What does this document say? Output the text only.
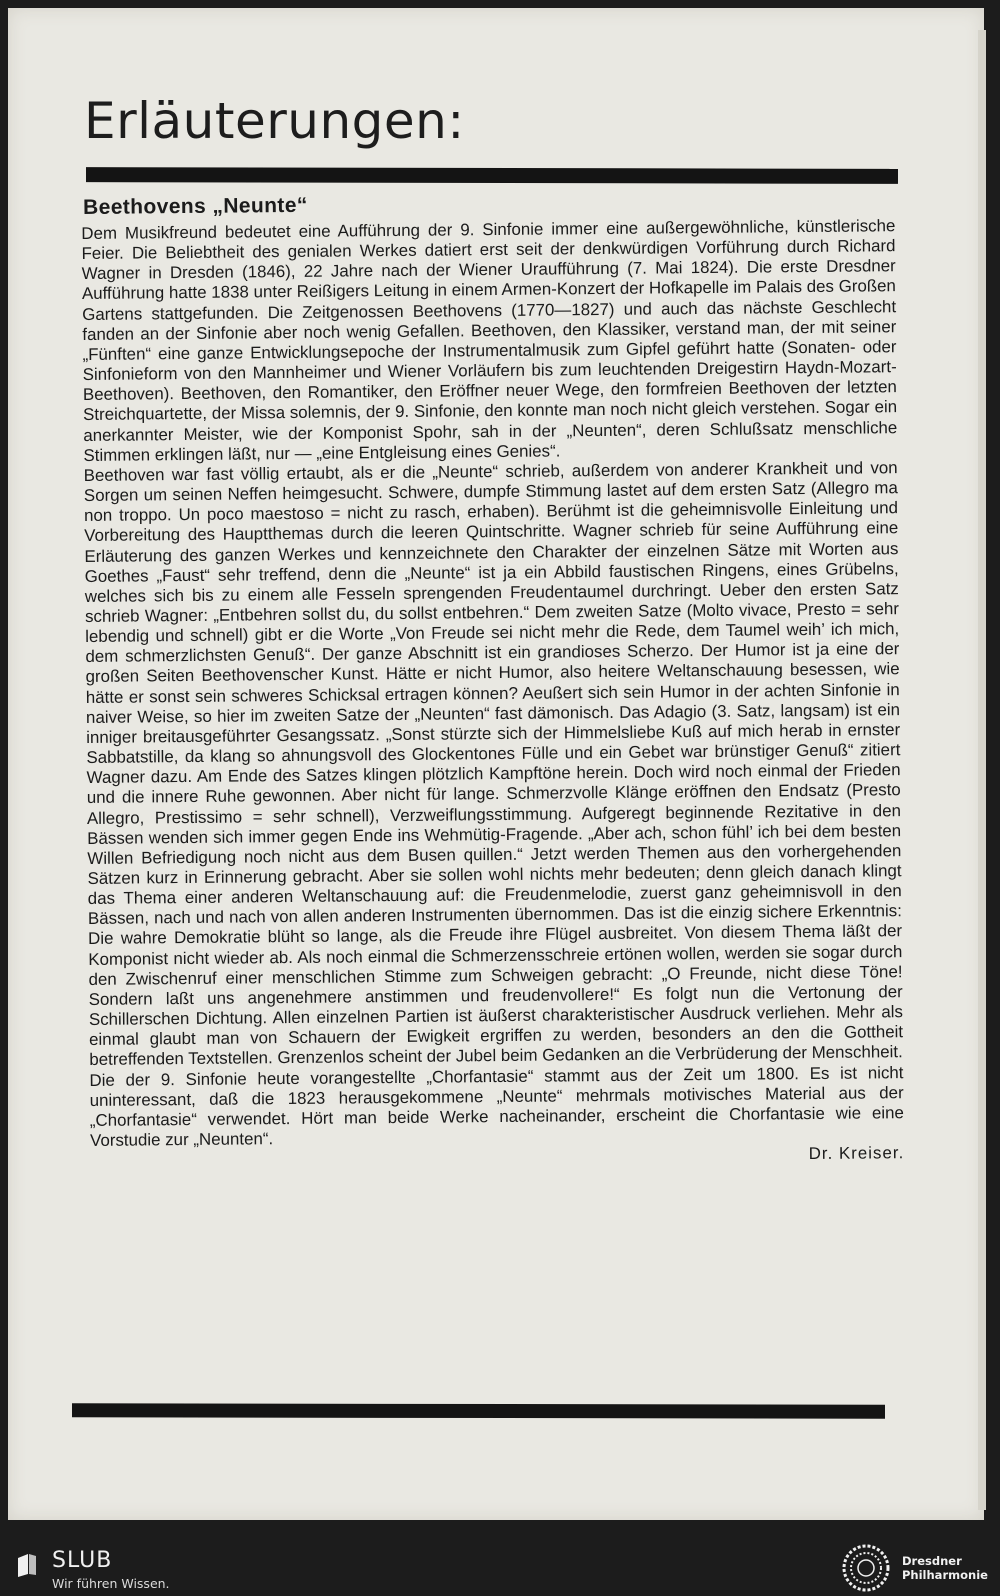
Erläuterungen:

Beethovens „Neunte“

Dem Musikfreund bedeutet eine Aufführung der 9. Sinfonie immer eine außergewöhnliche, künstlerische Feier. Die Beliebtheit des genialen Werkes datiert erst seit der denkwürdigen Vorführung durch Richard Wagner in Dresden (1846), 22 Jahre nach der Wiener Uraufführung (7. Mai 1824). Die erste Dresdner Aufführung hatte 1838 unter Reißigers Leitung in einem Armen-Konzert der Hofkapelle im Palais des Großen Gartens stattgefunden. Die Zeitgenossen Beethovens (1770—1827) und auch das nächste Geschlecht fanden an der Sinfonie aber noch wenig Gefallen. Beethoven, den Klassiker, verstand man, der mit seiner „Fünften“ eine ganze Entwicklungsepoche der Instrumentalmusik zum Gipfel geführt hatte (Sonaten- oder Sinfonieform von den Mannheimer und Wiener Vorläufern bis zum leuchtenden Dreigestirn Haydn-Mozart-Beethoven). Beethoven, den Romantiker, den Eröffner neuer Wege, den formfreien Beethoven der letzten Streichquartette, der Missa solemnis, der 9. Sinfonie, den konnte man noch nicht gleich verstehen. Sogar ein anerkannter Meister, wie der Komponist Spohr, sah in der „Neunten“, deren Schlußsatz menschliche Stimmen erklingen läßt, nur — „eine Entgleisung eines Genies“.

Beethoven war fast völlig ertaubt, als er die „Neunte“ schrieb, außerdem von anderer Krankheit und von Sorgen um seinen Neffen heimgesucht. Schwere, dumpfe Stimmung lastet auf dem ersten Satz (Allegro ma non troppo. Un poco maestoso = nicht zu rasch, erhaben). Berühmt ist die geheimnisvolle Einleitung und Vorbereitung des Hauptthemas durch die leeren Quintschritte. Wagner schrieb für seine Aufführung eine Erläuterung des ganzen Werkes und kennzeichnete den Charakter der einzelnen Sätze mit Worten aus Goethes „Faust“ sehr treffend, denn die „Neunte“ ist ja ein Abbild faustischen Ringens, eines Grübelns, welches sich bis zu einem alle Fesseln sprengenden Freudentaumel durchringt. Ueber den ersten Satz schrieb Wagner: „Entbehren sollst du, du sollst entbehren.“ Dem zweiten Satze (Molto vivace, Presto = sehr lebendig und schnell) gibt er die Worte „Von Freude sei nicht mehr die Rede, dem Taumel weih’ ich mich, dem schmerzlichsten Genuß“. Der ganze Abschnitt ist ein grandioses Scherzo. Der Humor ist ja eine der großen Seiten Beethovenscher Kunst. Hätte er nicht Humor, also heitere Weltanschauung besessen, wie hätte er sonst sein schweres Schicksal ertragen können? Aeußert sich sein Humor in der achten Sinfonie in naiver Weise, so hier im zweiten Satze der „Neunten“ fast dämonisch. Das Adagio (3. Satz, langsam) ist ein inniger breitausgeführter Gesangssatz. „Sonst stürzte sich der Himmelsliebe Kuß auf mich herab in ernster Sabbatstille, da klang so ahnungsvoll des Glockentones Fülle und ein Gebet war brünstiger Genuß“ zitiert Wagner dazu. Am Ende des Satzes klingen plötzlich Kampftöne herein. Doch wird noch einmal der Frieden und die innere Ruhe gewonnen. Aber nicht für lange. Schmerzvolle Klänge eröffnen den Endsatz (Presto Allegro, Prestissimo = sehr schnell), Verzweiflungsstimmung. Aufgeregt beginnende Rezitative in den Bässen wenden sich immer gegen Ende ins Wehmütig-Fragende. „Aber ach, schon fühl’ ich bei dem besten Willen Befriedigung noch nicht aus dem Busen quillen.“ Jetzt werden Themen aus den vorhergehenden Sätzen kurz in Erinnerung gebracht. Aber sie sollen wohl nichts mehr bedeuten; denn gleich danach klingt das Thema einer anderen Weltanschauung auf: die Freudenmelodie, zuerst ganz geheimnisvoll in den Bässen, nach und nach von allen anderen Instrumenten übernommen. Das ist die einzig sichere Erkenntnis: Die wahre Demokratie blüht so lange, als die Freude ihre Flügel ausbreitet. Von diesem Thema läßt der Komponist nicht wieder ab. Als noch einmal die Schmerzensschreie ertönen wollen, werden sie sogar durch den Zwischenruf einer menschlichen Stimme zum Schweigen gebracht: „O Freunde, nicht diese Töne! Sondern laßt uns angenehmere anstimmen und freudenvollere!“ Es folgt nun die Vertonung der Schillerschen Dichtung. Allen einzelnen Partien ist äußerst charakteristischer Ausdruck verliehen. Mehr als einmal glaubt man von Schauern der Ewigkeit ergriffen zu werden, besonders an den die Gottheit betreffenden Textstellen. Grenzenlos scheint der Jubel beim Gedanken an die Verbrüderung der Menschheit.

Die der 9. Sinfonie heute vorangestellte „Chorfantasie“ stammt aus der Zeit um 1800. Es ist nicht uninteressant, daß die 1823 herausgekommene „Neunte“ mehrmals motivisches Material aus der „Chorfantasie“ verwendet. Hört man beide Werke nacheinander, erscheint die Chorfantasie wie eine Vorstudie zur „Neunten“.

Dr. Kreiser.

SLUB
Wir führen Wissen.
Dresdner
Philharmonie
